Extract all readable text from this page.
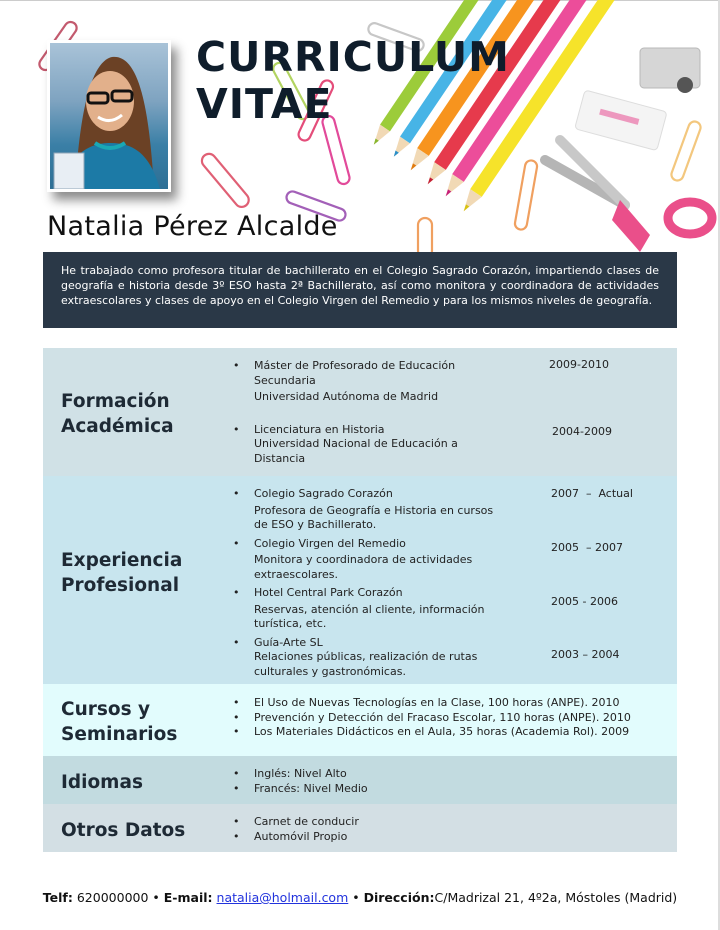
CURRICULUM
VITAE
Natalia Pérez Alcalde
He trabajado como profesora titular de bachillerato en el Colegio Sagrado Corazón, impartiendo clases de geografía e historia desde 3º ESO hasta 2ª Bachillerato, así como monitora y coordinadora de actividades extraescolares y clases de apoyo en el Colegio Virgen del Remedio y para los mismos niveles de geografía.
Formación
Académica
• Máster de Profesorado de Educación Secundaria
Universidad Autónoma de Madrid
• Licenciatura en Historia
Universidad Nacional de Educación a Distancia
2009-2010
2004-2009
Experiencia
Profesional
• Colegio Sagrado Corazón
Profesora de Geografía e Historia en cursos de ESO y Bachillerato.
• Colegio Virgen del Remedio
Monitora y coordinadora de actividades extraescolares.
• Hotel Central Park Corazón
Reservas, atención al cliente, información turística, etc.
• Guía-Arte SL
Relaciones públicas, realización de rutas culturales y gastronómicas.
2007  –  Actual
2005  – 2007
2005 - 2006
2003 – 2004
Cursos y
Seminarios
• El Uso de Nuevas Tecnologías en la Clase, 100 horas (ANPE). 2010
• Prevención y Detección del Fracaso Escolar, 110 horas (ANPE). 2010
• Los Materiales Didácticos en el Aula, 35 horas (Academia Rol). 2009
Idiomas	• Inglés: Nivel Alto
• Francés: Nivel Medio
Otros Datos	• Carnet de conducir
• Automóvil Propio
Telf: 620000000 • E-mail: natalia@holmail.com • Dirección:C/Madrizal 21, 4º2a, Móstoles (Madrid)
